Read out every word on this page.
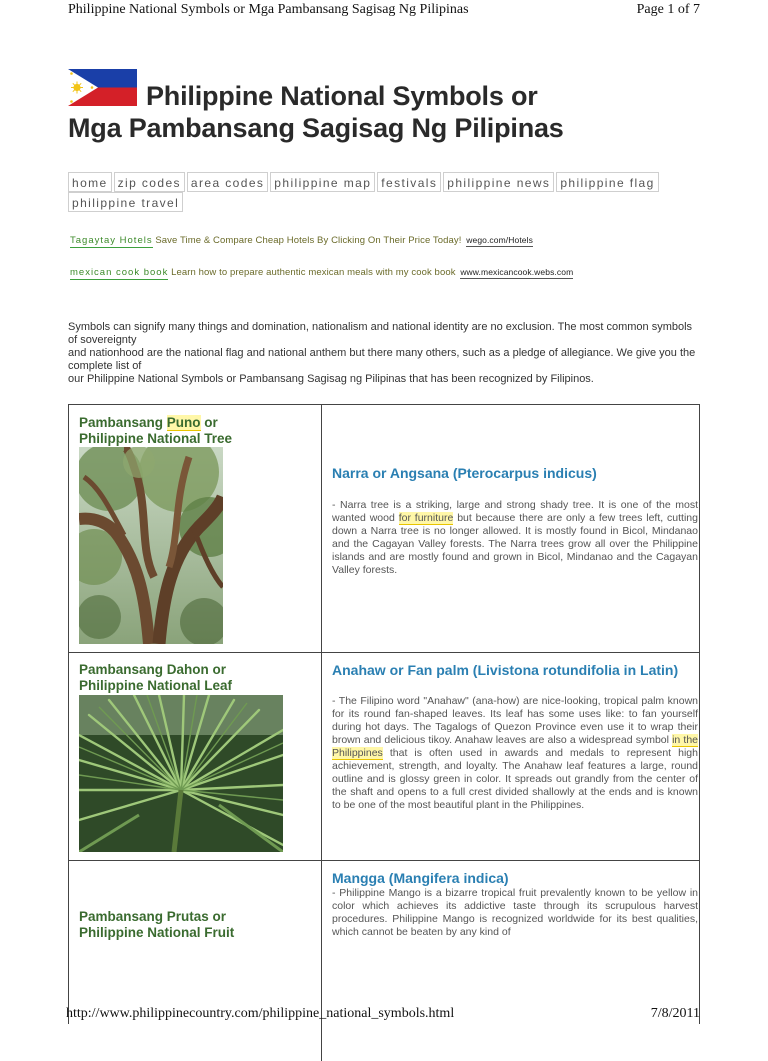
Philippine National Symbols or Mga Pambansang Sagisag Ng Pilipinas	Page 1 of 7
Philippine National Symbols or
Mga Pambansang Sagisag Ng Pilipinas
home zip codes area codes philippine map festivals philippine news philippine flagphilippine travel
Tagaytay Hotels Save Time & Compare Cheap Hotels By Clicking On Their Price Today! wego.com/Hotels
mexican cook book Learn how to prepare authentic mexican meals with my cook book www.mexicancook.webs.com

Symbols can signify many things and domination, nationalism and national identity are no exclusion. The most common symbols of sovereignty

and nationhood are the national flag and national anthem but there many others, such as a pledge of allegiance. We give you the complete list of

our Philippine National Symbols or Pambansang Sagisag ng Pilipinas that has been recognized by Filipinos.

Pambansang Puno or
Philippine National Tree
Narra or Angsana (Pterocarpus indicus)
- Narra tree is a striking, large and strong shady tree. It is one of the most wanted wood for furniture but because there are only a few trees left, cutting down a Narra tree is no longer allowed. It is mostly found in Bicol, Mindanao and the Cagayan Valley forests. The Narra trees grow all over the Philippine islands and are mostly found and grown in Bicol, Mindanao and the Cagayan Valley forests.
Pambansang Dahon or
Philippine National Leaf
Anahaw or Fan palm (Livistona rotundifolia in Latin)
- The Filipino word "Anahaw" (ana-how) are nice-looking, tropical palm known for its round fan-shaped leaves. Its leaf has some uses like: to fan yourself during hot days. The Tagalogs of Quezon Province even use it to wrap their brown and delicious tikoy. Anahaw leaves are also a widespread symbol in the Philippines that is often used in awards and medals to represent high achievement, strength, and loyalty. The Anahaw leaf features a large, round outline and is glossy green in color. It spreads out grandly from the center of the shaft and opens to a full crest divided shallowly at the ends and is known to be one of the most beautiful plant in the Philippines.
Pambansang Prutas or
Philippine National Fruit
Mangga (Mangifera indica)
- Philippine Mango is a bizarre tropical fruit prevalently known to be yellow in color which achieves its addictive taste through its scrupulous harvest procedures. Philippine Mango is recognized worldwide for its best qualities, which cannot be beaten by any kind of
http://www.philippinecountry.com/philippine_national_symbols.html	7/8/2011
